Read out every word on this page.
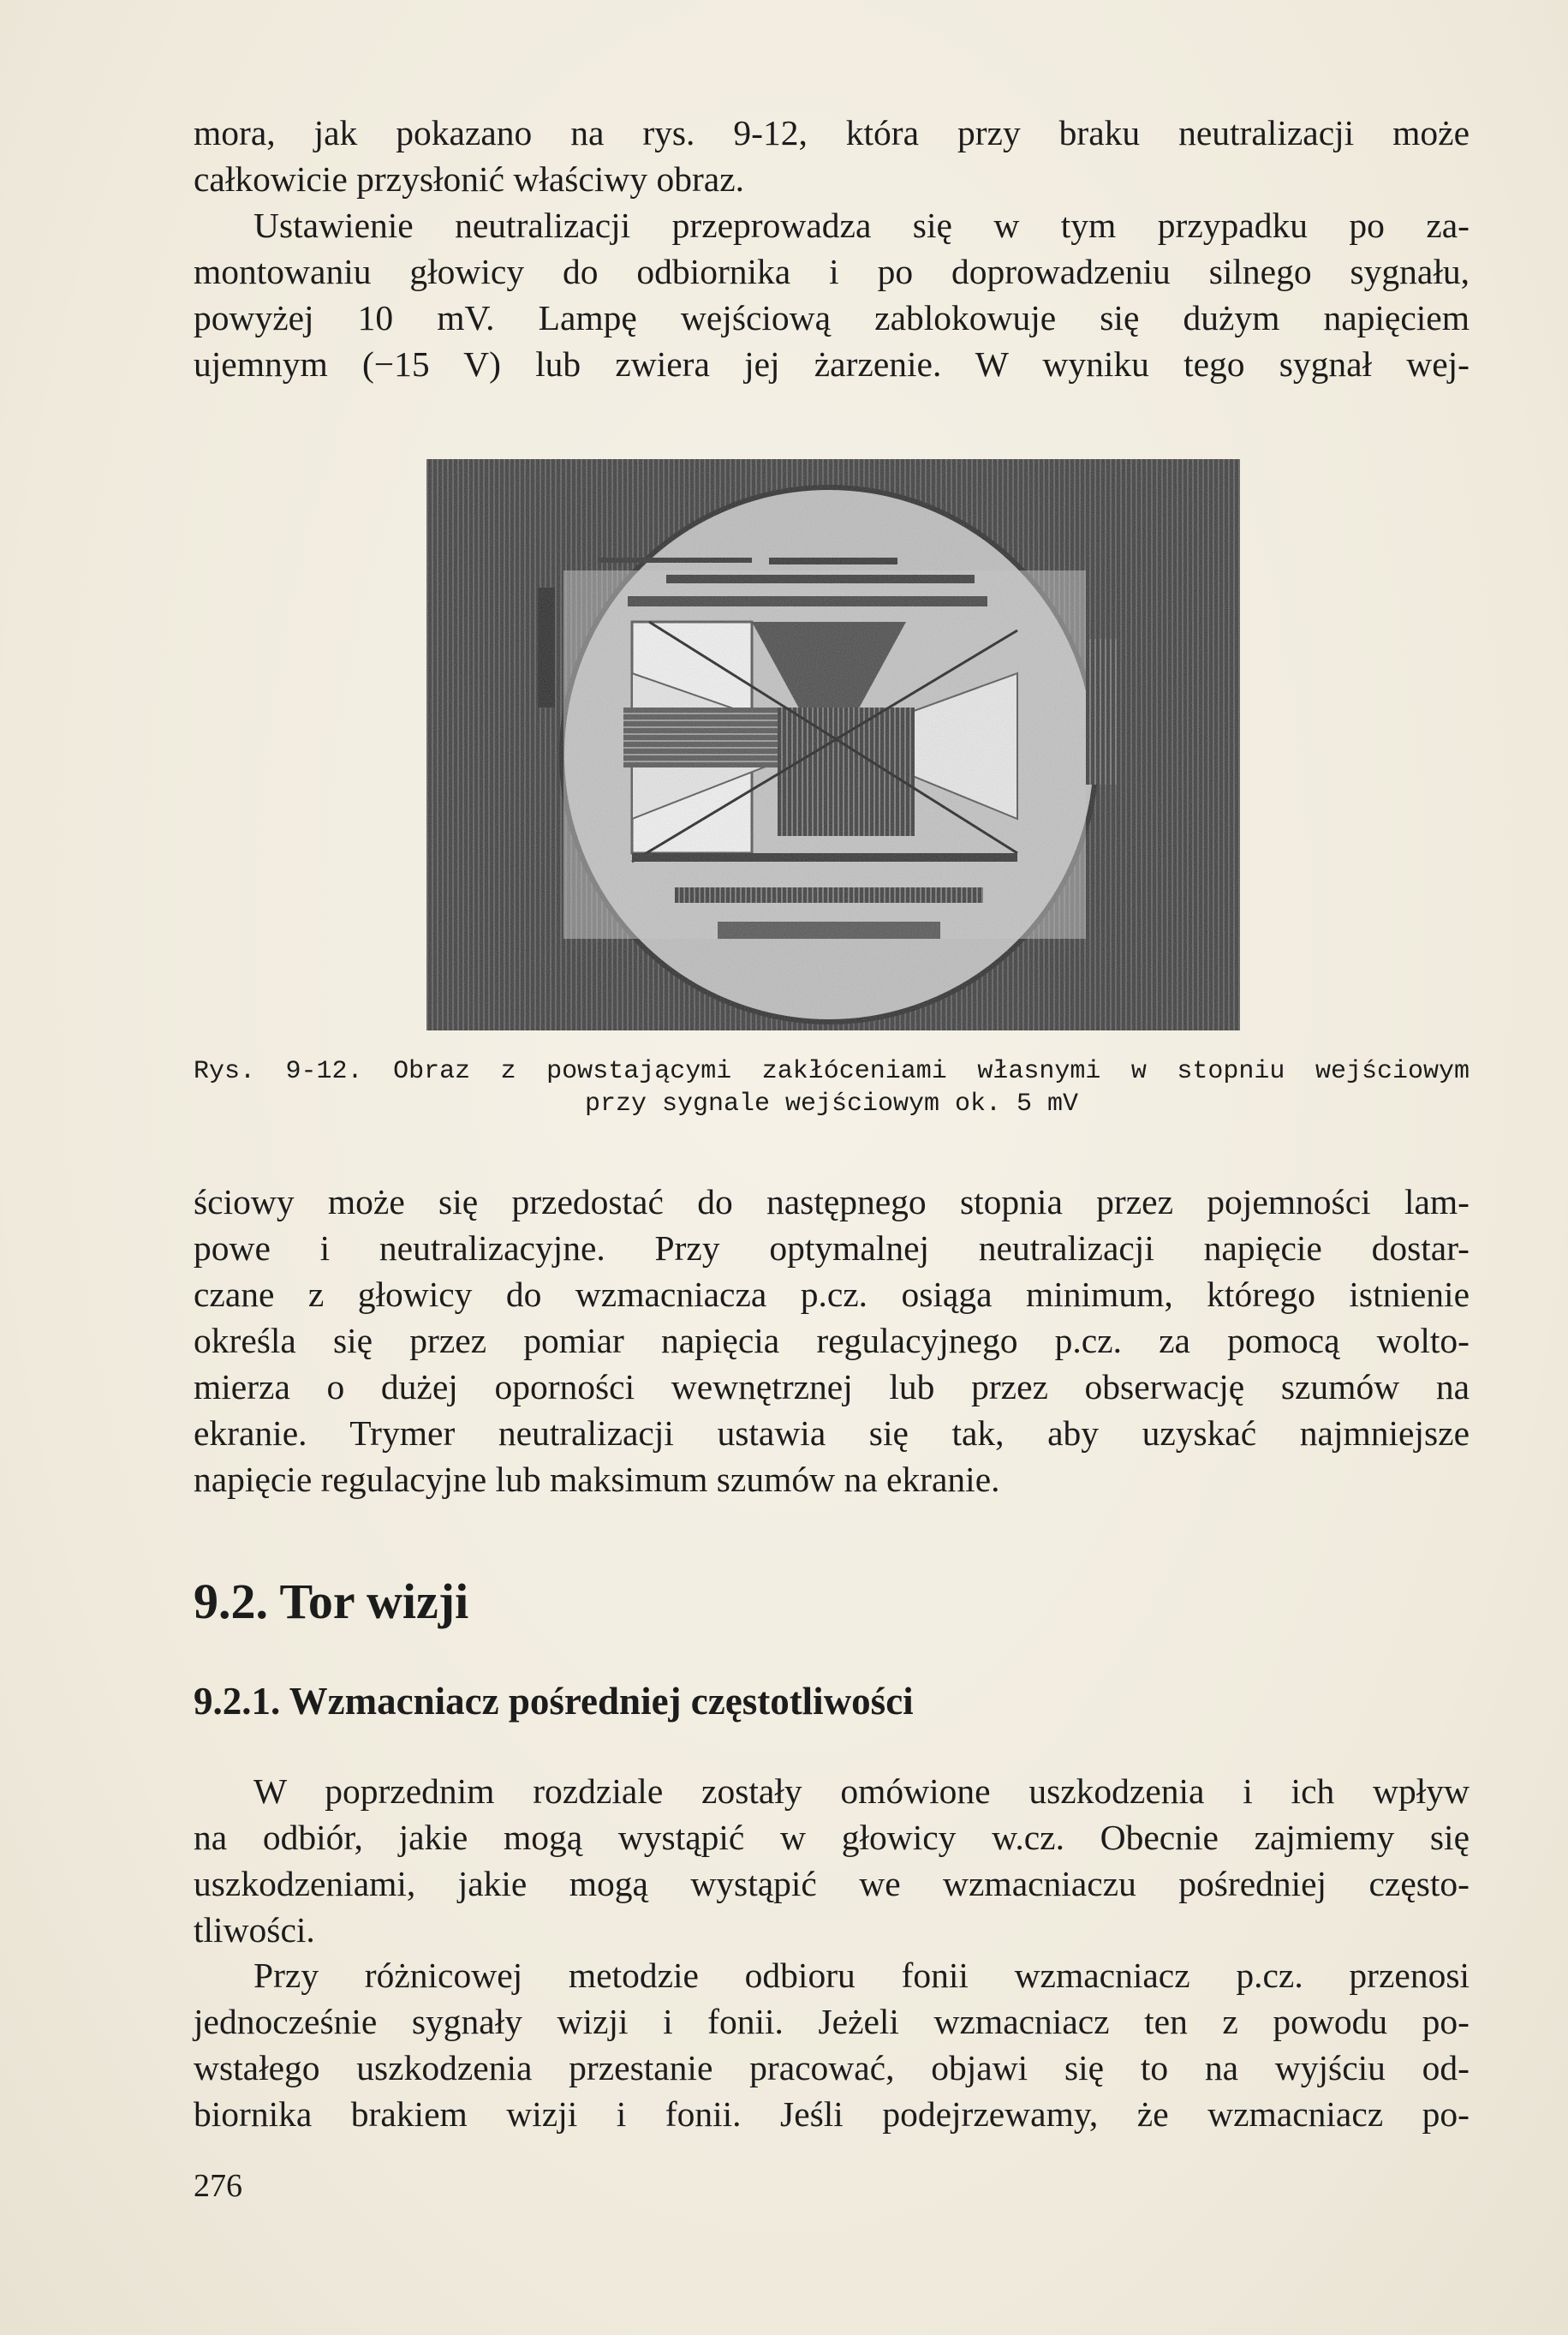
mora, jak pokazano na rys. 9-12, która przy braku neutralizacji może
całkowicie przysłonić właściwy obraz.
Ustawienie neutralizacji przeprowadza się w tym przypadku po za-
montowaniu głowicy do odbiornika i po doprowadzeniu silnego sygnału,
powyżej 10 mV. Lampę wejściową zablokowuje się dużym napięciem
ujemnym (−15 V) lub zwiera jej żarzenie. W wyniku tego sygnał wej-

Rys. 9-12. Obraz z powstającymi zakłóceniami własnymi w stopniu wejściowym
przy sygnale wejściowym ok. 5 mV

ściowy może się przedostać do następnego stopnia przez pojemności lam-
powe i neutralizacyjne. Przy optymalnej neutralizacji napięcie dostar-
czane z głowicy do wzmacniacza p.cz. osiąga minimum, którego istnienie
określa się przez pomiar napięcia regulacyjnego p.cz. za pomocą wolto-
mierza o dużej oporności wewnętrznej lub przez obserwację szumów na
ekranie. Trymer neutralizacji ustawia się tak, aby uzyskać najmniejsze
napięcie regulacyjne lub maksimum szumów na ekranie.
9.2. Tor wizji
9.2.1. Wzmacniacz pośredniej częstotliwości
W poprzednim rozdziale zostały omówione uszkodzenia i ich wpływ
na odbiór, jakie mogą wystąpić w głowicy w.cz. Obecnie zajmiemy się
uszkodzeniami, jakie mogą wystąpić we wzmacniaczu pośredniej często-
tliwości.
Przy różnicowej metodzie odbioru fonii wzmacniacz p.cz. przenosi
jednocześnie sygnały wizji i fonii. Jeżeli wzmacniacz ten z powodu po-
wstałego uszkodzenia przestanie pracować, objawi się to na wyjściu od-
biornika brakiem wizji i fonii. Jeśli podejrzewamy, że wzmacniacz po-

276
